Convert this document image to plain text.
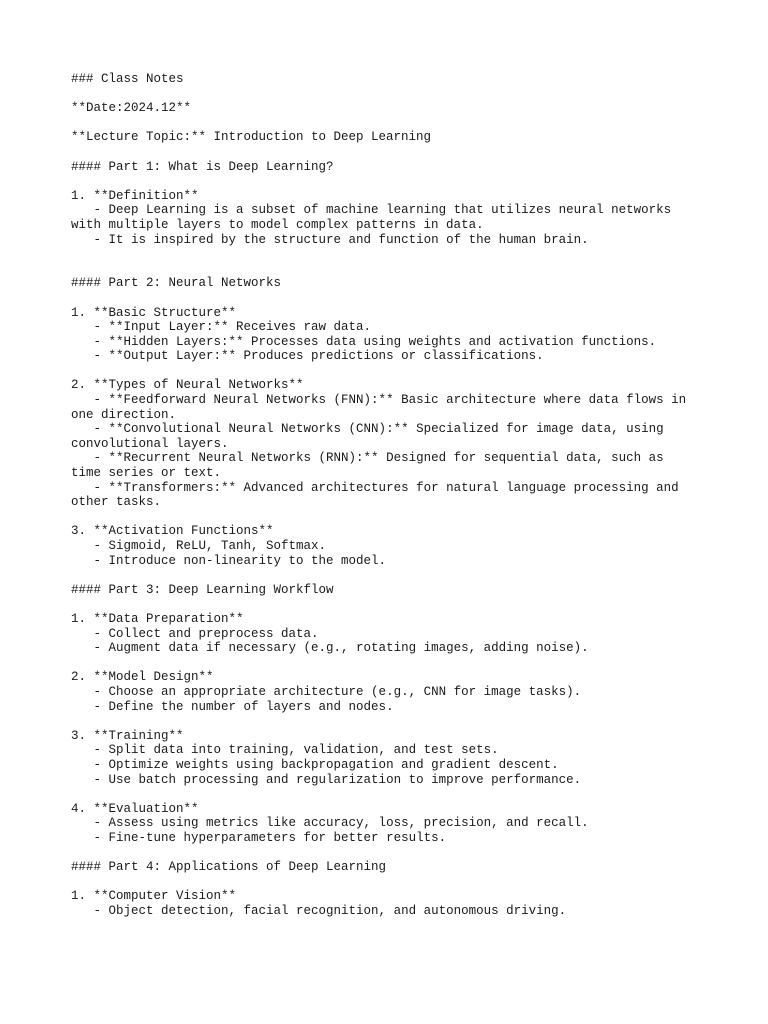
### Class Notes

**Date:2024.12**

**Lecture Topic:** Introduction to Deep Learning

#### Part 1: What is Deep Learning?

1. **Definition**
- Deep Learning is a subset of machine learning that utilizes neural networks
with multiple layers to model complex patterns in data.
- It is inspired by the structure and function of the human brain.

#### Part 2: Neural Networks

1. **Basic Structure**
- **Input Layer:** Receives raw data.
- **Hidden Layers:** Processes data using weights and activation functions.
- **Output Layer:** Produces predictions or classifications.

2. **Types of Neural Networks**
- **Feedforward Neural Networks (FNN):** Basic architecture where data flows in
one direction.
- **Convolutional Neural Networks (CNN):** Specialized for image data, using
convolutional layers.
- **Recurrent Neural Networks (RNN):** Designed for sequential data, such as
time series or text.
- **Transformers:** Advanced architectures for natural language processing and
other tasks.

3. **Activation Functions**
- Sigmoid, ReLU, Tanh, Softmax.
- Introduce non-linearity to the model.

#### Part 3: Deep Learning Workflow

1. **Data Preparation**
- Collect and preprocess data.
- Augment data if necessary (e.g., rotating images, adding noise).

2. **Model Design**
- Choose an appropriate architecture (e.g., CNN for image tasks).
- Define the number of layers and nodes.

3. **Training**
- Split data into training, validation, and test sets.
- Optimize weights using backpropagation and gradient descent.
- Use batch processing and regularization to improve performance.

4. **Evaluation**
- Assess using metrics like accuracy, loss, precision, and recall.
- Fine-tune hyperparameters for better results.

#### Part 4: Applications of Deep Learning

1. **Computer Vision**
- Object detection, facial recognition, and autonomous driving.
